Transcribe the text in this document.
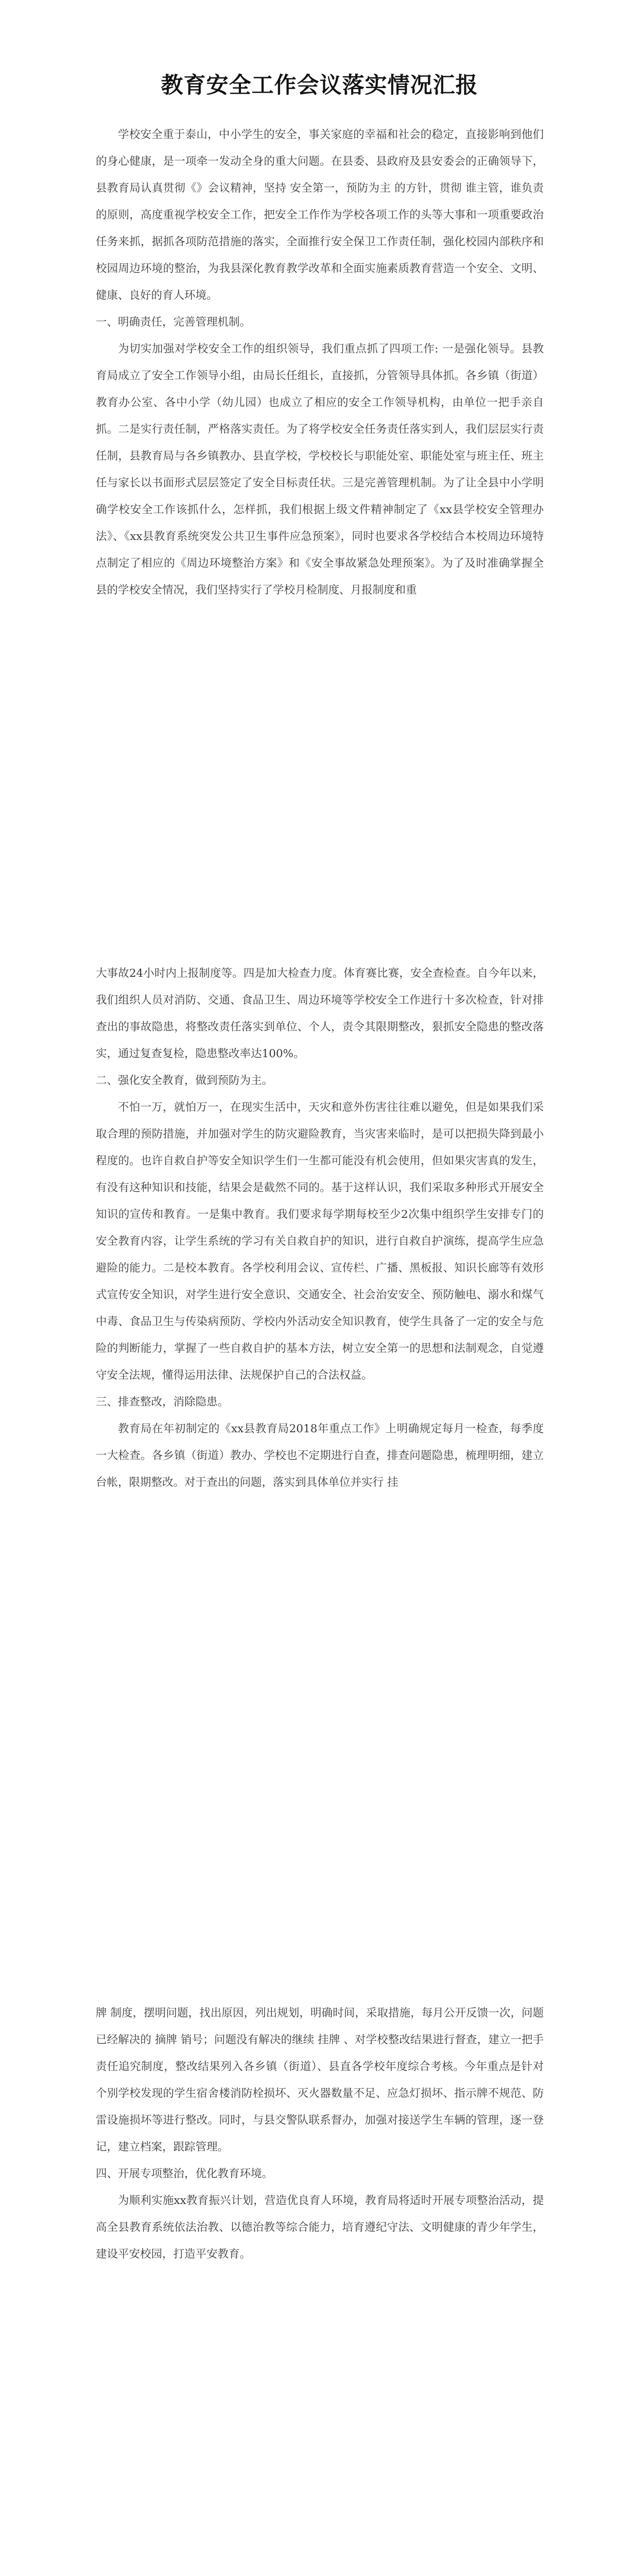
教育安全工作会议落实情况汇报

学校安全重于泰山，中小学生的安全，事关家庭的幸福和社会的稳定，直接影响到他们的身心健康，是一项牵一发动全身的重大问题。在县委、县政府及县安委会的正确领导下，县教育局认真贯彻《》会议精神，坚持 安全第一，预防为主 的方针，贯彻 谁主管，谁负责 的原则，高度重视学校安全工作，把安全工作作为学校各项工作的头等大事和一项重要政治任务来抓，据抓各项防范措施的落实，全面推行安全保卫工作责任制，强化校园内部秩序和校园周边环境的整治，为我县深化教育教学改革和全面实施素质教育营造一个安全、文明、健康、良好的育人环境。

一、明确责任，完善管理机制。

为切实加强对学校安全工作的组织领导，我们重点抓了四项工作: 一是强化领导。县教育局成立了安全工作领导小组，由局长任组长，直接抓，分管领导具体抓。各乡镇（街道）教育办公室、各中小学（幼儿园）也成立了相应的安全工作领导机构，由单位一把手亲自抓。二是实行责任制，严格落实责任。为了将学校安全任务责任落实到人，我们层层实行责任制，县教育局与各乡镇教办、县直学校，学校校长与职能处室、职能处室与班主任、班主任与家长以书面形式层层签定了安全目标责任状。三是完善管理机制。为了让全县中小学明确学校安全工作该抓什么，怎样抓，我们根据上级文件精神制定了《xx县学校安全管理办法》、《xx县教育系统突发公共卫生事件应急预案》，同时也要求各学校结合本校周边环境特点制定了相应的《周边环境整治方案》和《安全事故紧急处理预案》。为了及时准确掌握全县的学校安全情况，我们坚持实行了学校月检制度、月报制度和重

大事故24小时内上报制度等。四是加大检查力度。体育赛比赛，安全查检查。自今年以来，我们组织人员对消防、交通、食品卫生、周边环境等学校安全工作进行十多次检查，针对排查出的事故隐患，将整改责任落实到单位、个人，责令其限期整改，狠抓安全隐患的整改落实，通过复查复检，隐患整改率达100%。

二、强化安全教育，做到预防为主。

不怕一万，就怕万一，在现实生活中，天灾和意外伤害往往难以避免，但是如果我们采取合理的预防措施，并加强对学生的防灾避险教育，当灾害来临时，是可以把损失降到最小程度的。也许自救自护等安全知识学生们一生都可能没有机会使用，但如果灾害真的发生，有没有这种知识和技能，结果会是截然不同的。基于这样认识，我们采取多种形式开展安全知识的宣传和教育。一是集中教育。我们要求每学期每校至少2次集中组织学生安排专门的安全教育内容，让学生系统的学习有关自救自护的知识，进行自救自护演练，提高学生应急避险的能力。二是校本教育。各学校利用会议、宣传栏、广播、黑板报、知识长廊等有效形式宣传安全知识，对学生进行安全意识、交通安全、社会治安安全、预防触电、溺水和煤气中毒、食品卫生与传染病预防、学校内外活动安全知识教育，使学生具备了一定的安全与危险的判断能力，掌握了一些自救自护的基本方法，树立安全第一的思想和法制观念，自觉遵守安全法规，懂得运用法律、法规保护自己的合法权益。

三、排查整改，消除隐患。

教育局在年初制定的《xx县教育局2018年重点工作》上明确规定每月一检查，每季度一大检查。各乡镇（街道）教办、学校也不定期进行自查，排查问题隐患，梳理明细，建立台帐，限期整改。对于查出的问题，落实到具体单位并实行 挂

牌 制度，摆明问题，找出原因，列出规划，明确时间，采取措施，每月公开反馈一次，问题已经解决的 摘牌 销号；问题没有解决的继续 挂牌 、对学校整改结果进行督查，建立一把手责任追究制度，整改结果列入各乡镇（街道）、县直各学校年度综合考核。今年重点是针对个别学校发现的学生宿舍楼消防栓损坏、灭火器数量不足、应急灯损坏、指示牌不规范、防雷设施损坏等进行整改。同时，与县交警队联系督办，加强对接送学生车辆的管理，逐一登记，建立档案，跟踪管理。

四、开展专项整治，优化教育环境。

为顺利实施xx教育振兴计划，营造优良育人环境，教育局将适时开展专项整治活动，提高全县教育系统依法治教、以德治教等综合能力，培育遵纪守法、文明健康的青少年学生，建设平安校园，打造平安教育。
